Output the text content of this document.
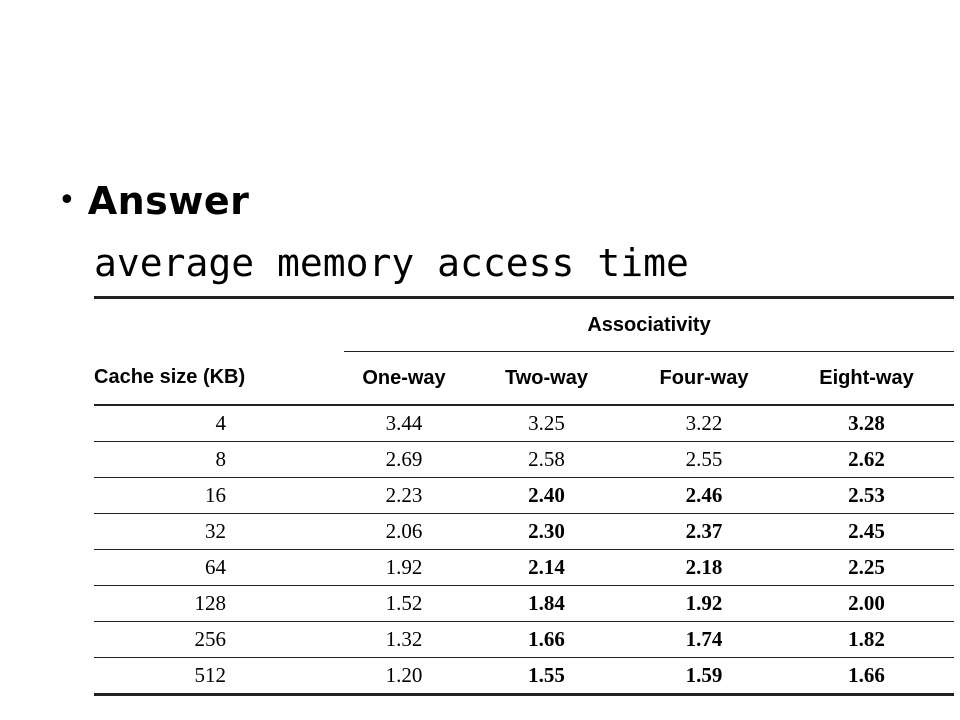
• Answer
average memory access time
	Associativity			
Cache size (KB)	One-way	Two-way	Four-way	Eight-way
4	3.44	3.25	3.22	3.28
8	2.69	2.58	2.55	2.62
16	2.23	2.40	2.46	2.53
32	2.06	2.30	2.37	2.45
64	1.92	2.14	2.18	2.25
128	1.52	1.84	1.92	2.00
256	1.32	1.66	1.74	1.82
512	1.20	1.55	1.59	1.66
